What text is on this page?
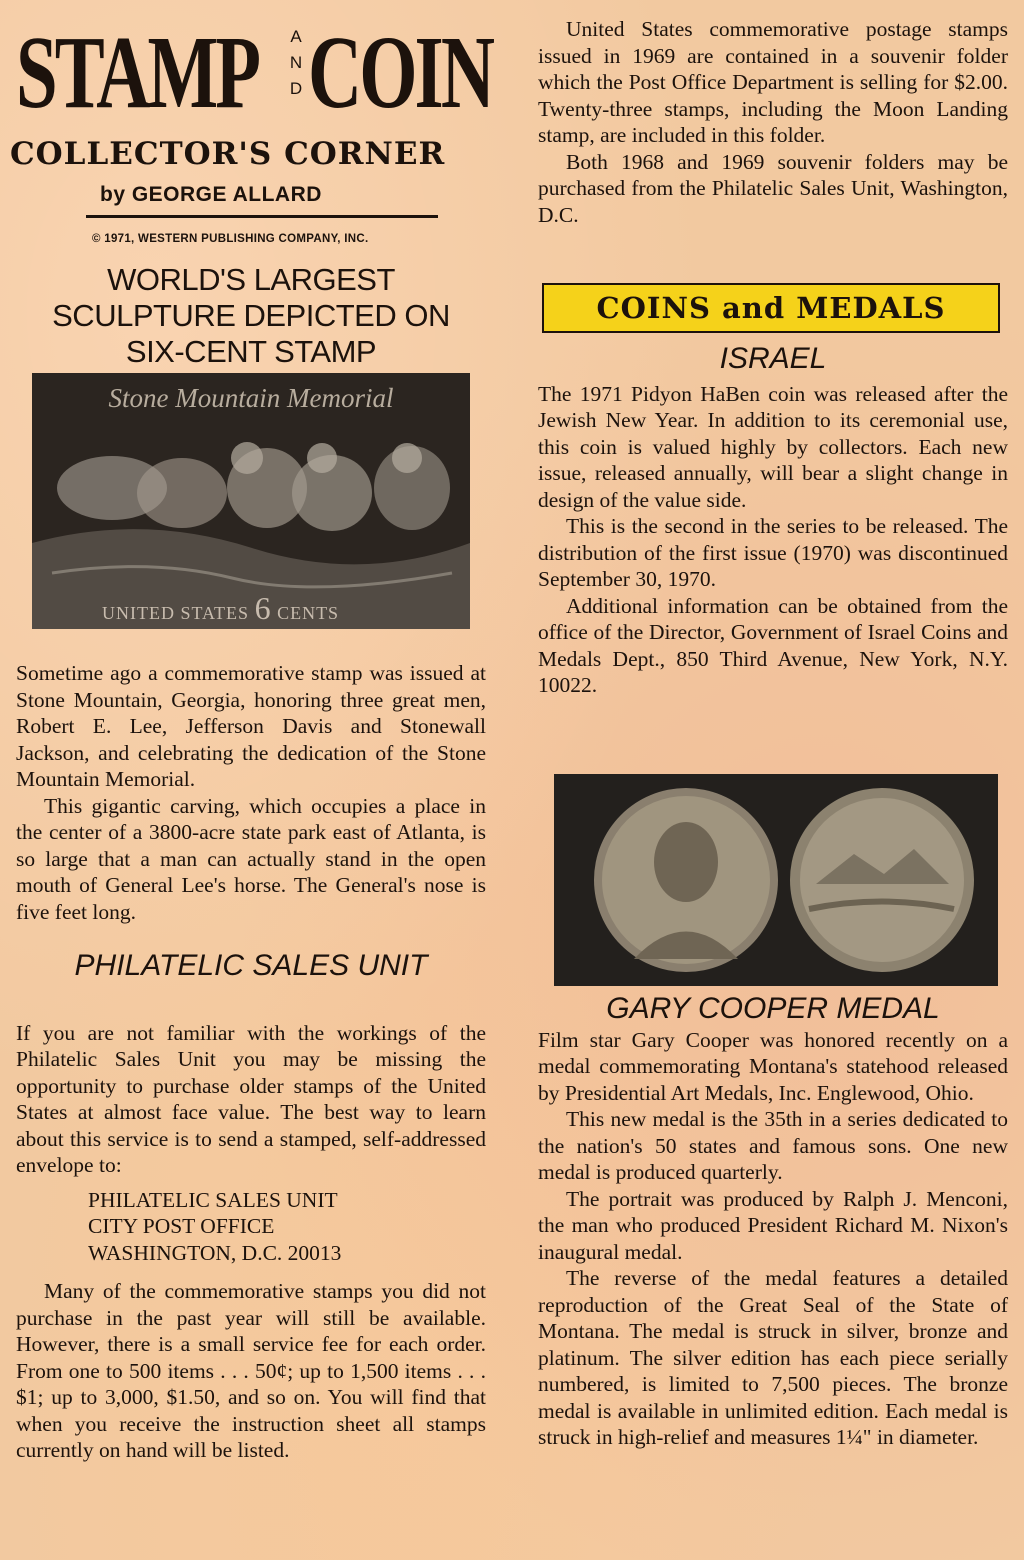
STAMP A
N
D COIN
COLLECTOR'S CORNER
by GEORGE ALLARD
© 1971, WESTERN PUBLISHING COMPANY, INC.
WORLD'S LARGEST
SCULPTURE DEPICTED ON
SIX-CENT STAMP
Stone Mountain Memorial
UNITED STATES 6 CENTS

Sometime ago a commemorative stamp was issued at Stone Mountain, Georgia, honoring three great men, Robert E. Lee, Jefferson Davis and Stonewall Jackson, and celebrating the dedication of the Stone Mountain Memorial.

This gigantic carving, which occupies a place in the center of a 3800-acre state park east of Atlanta, is so large that a man can actually stand in the open mouth of General Lee's horse. The General's nose is five feet long.

PHILATELIC SALES UNIT

If you are not familiar with the workings of the Philatelic Sales Unit you may be missing the opportunity to purchase older stamps of the United States at almost face value. The best way to learn about this service is to send a stamped, self-addressed envelope to:

PHILATELIC SALES UNIT
CITY POST OFFICE
WASHINGTON, D.C. 20013

Many of the commemorative stamps you did not purchase in the past year will still be available. However, there is a small service fee for each order. From one to 500 items . . . 50¢; up to 1,500 items . . . $1; up to 3,000, $1.50, and so on. You will find that when you receive the instruction sheet all stamps currently on hand will be listed.

United States commemorative postage stamps issued in 1969 are contained in a souvenir folder which the Post Office Department is selling for $2.00. Twenty-three stamps, including the Moon Landing stamp, are included in this folder.

Both 1968 and 1969 souvenir folders may be purchased from the Philatelic Sales Unit, Washington, D.C.

COINS and MEDALS
ISRAEL

The 1971 Pidyon HaBen coin was released after the Jewish New Year. In addition to its ceremonial use, this coin is valued highly by collectors. Each new issue, released annually, will bear a slight change in design of the value side.

This is the second in the series to be released. The distribution of the first issue (1970) was discontinued September 30, 1970.

Additional information can be obtained from the office of the Director, Government of Israel Coins and Medals Dept., 850 Third Avenue, New York, N.Y. 10022.

GARY COOPER MEDAL

Film star Gary Cooper was honored recently on a medal commemorating Montana's statehood released by Presidential Art Medals, Inc. Englewood, Ohio.

This new medal is the 35th in a series dedicated to the nation's 50 states and famous sons. One new medal is produced quarterly.

The portrait was produced by Ralph J. Menconi, the man who produced President Richard M. Nixon's inaugural medal.

The reverse of the medal features a detailed reproduction of the Great Seal of the State of Montana. The medal is struck in silver, bronze and platinum. The silver edition has each piece serially numbered, is limited to 7,500 pieces. The bronze medal is available in unlimited edition. Each medal is struck in high-relief and measures 1¼" in diameter.
